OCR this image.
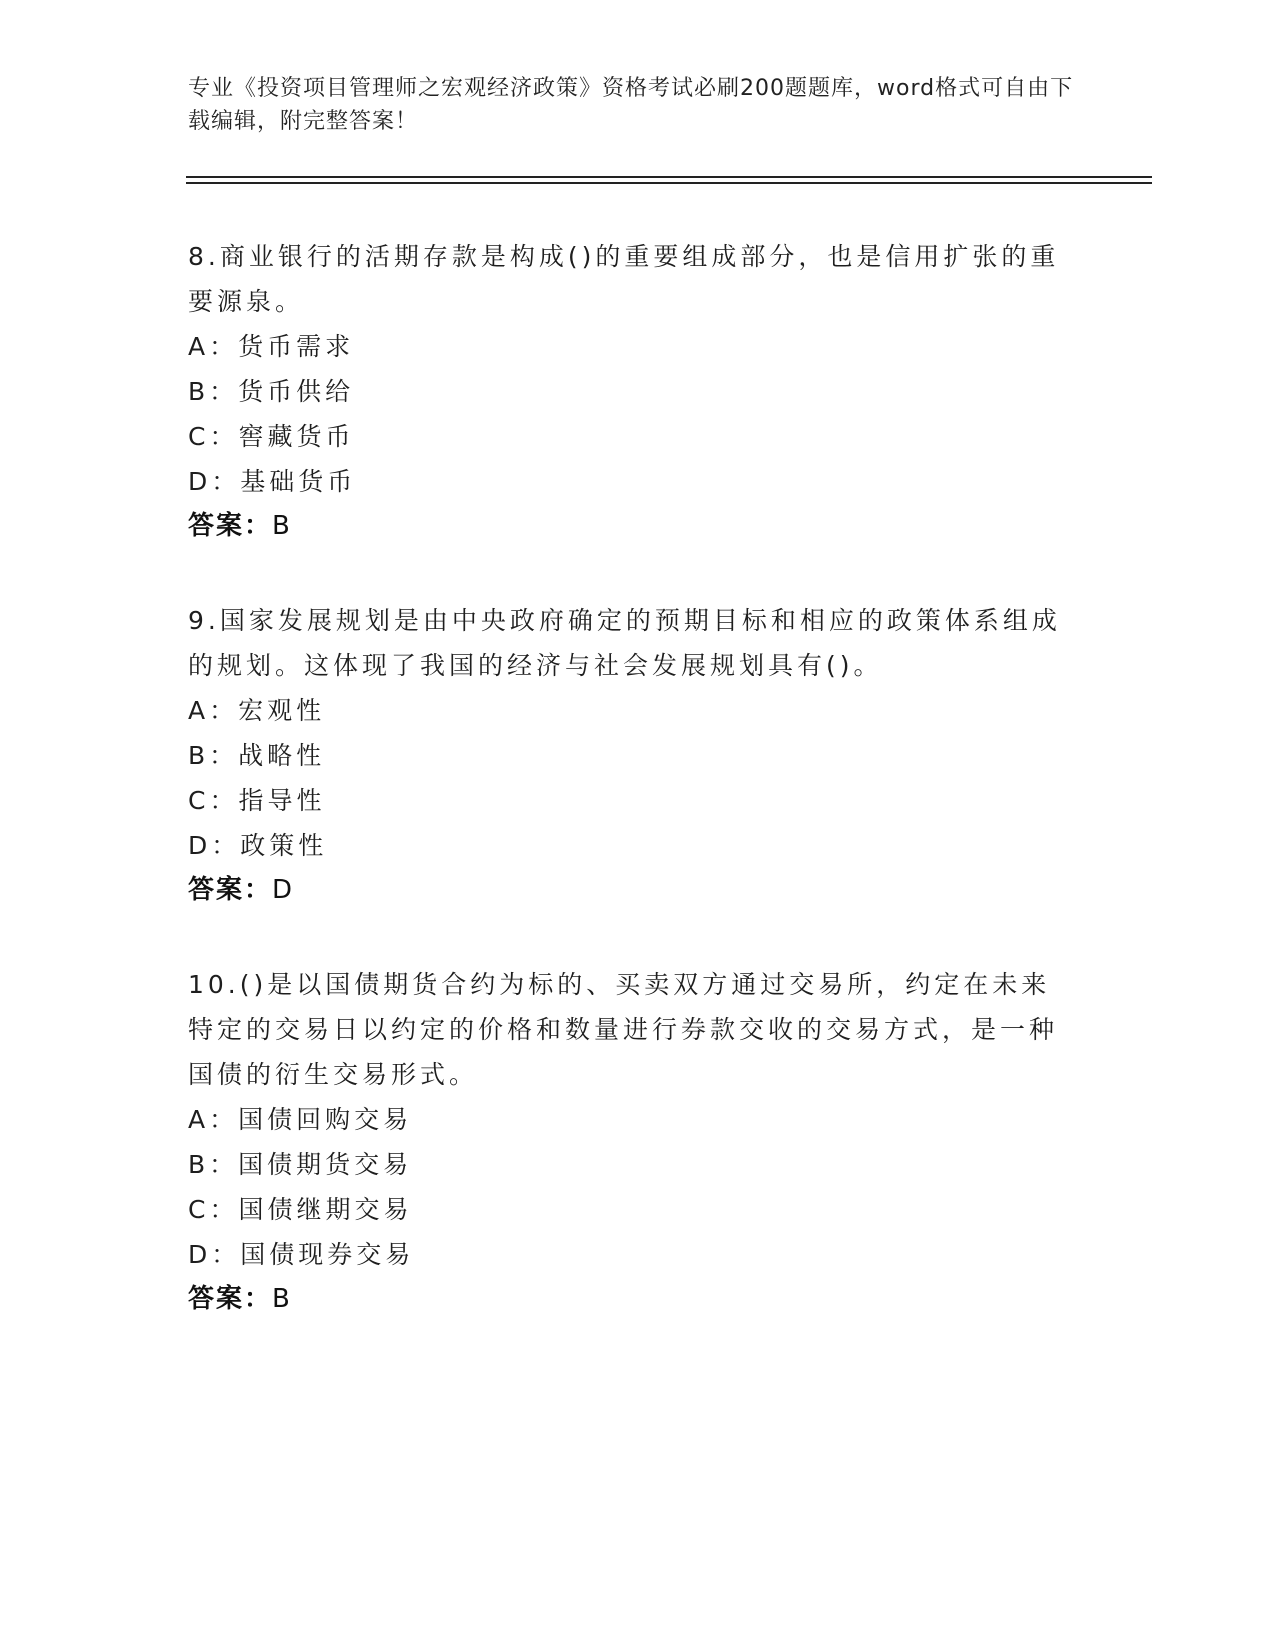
专业《投资项目管理师之宏观经济政策》资格考试必刷200题题库，word格式可自由下载编辑，附完整答案！
8.商业银行的活期存款是构成()的重要组成部分，也是信用扩张的重要源泉。
A：货币需求
B：货币供给
C：窖藏货币
D：基础货币
答案：B
9.国家发展规划是由中央政府确定的预期目标和相应的政策体系组成的规划。这体现了我国的经济与社会发展规划具有()。
A：宏观性
B：战略性
C：指导性
D：政策性
答案：D
10.()是以国债期货合约为标的、买卖双方通过交易所，约定在未来特定的交易日以约定的价格和数量进行券款交收的交易方式，是一种国债的衍生交易形式。
A：国债回购交易
B：国债期货交易
C：国债继期交易
D：国债现券交易
答案：B
